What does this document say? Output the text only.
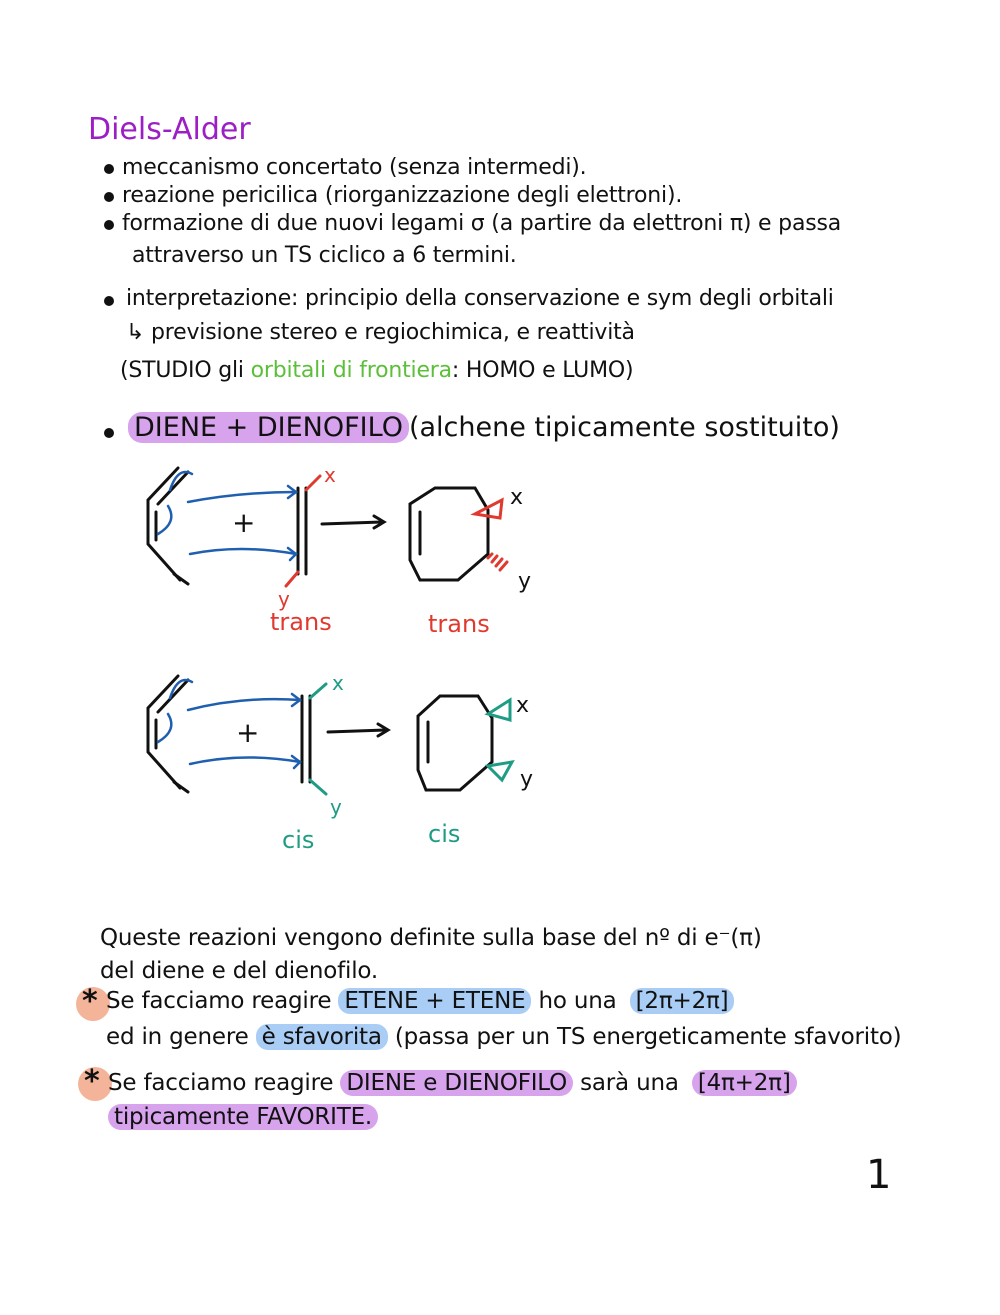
Diels-Alder
meccanismo concertato (senza intermedi).
reazione pericilica (riorganizzazione degli elettroni).
formazione di due nuovi legami σ (a partire da elettroni π) e passa
attraverso un TS ciclico a 6 termini.
interpretazione: principio della conservazione e sym degli orbitali
↳ previsione stereo e regiochimica, e reattività
(STUDIO gli orbitali di frontiera: HOMO e LUMO)
DIENE + DIENOFILO (alchene tipicamente sostituito)
+
x
y
x
y
trans	trans
+
x
y
x
y
cis	cis
Queste reazioni vengono definite sulla base del nº di e⁻(π)
del diene e del dienofilo.
* Se facciamo reagire ETENE + ETENE ho una [2π+2π]
ed in genere è sfavorita (passa per un TS energeticamente sfavorito)
* Se facciamo reagire DIENE e DIENOFILO sarà una [4π+2π]
tipicamente FAVORITE.
1
